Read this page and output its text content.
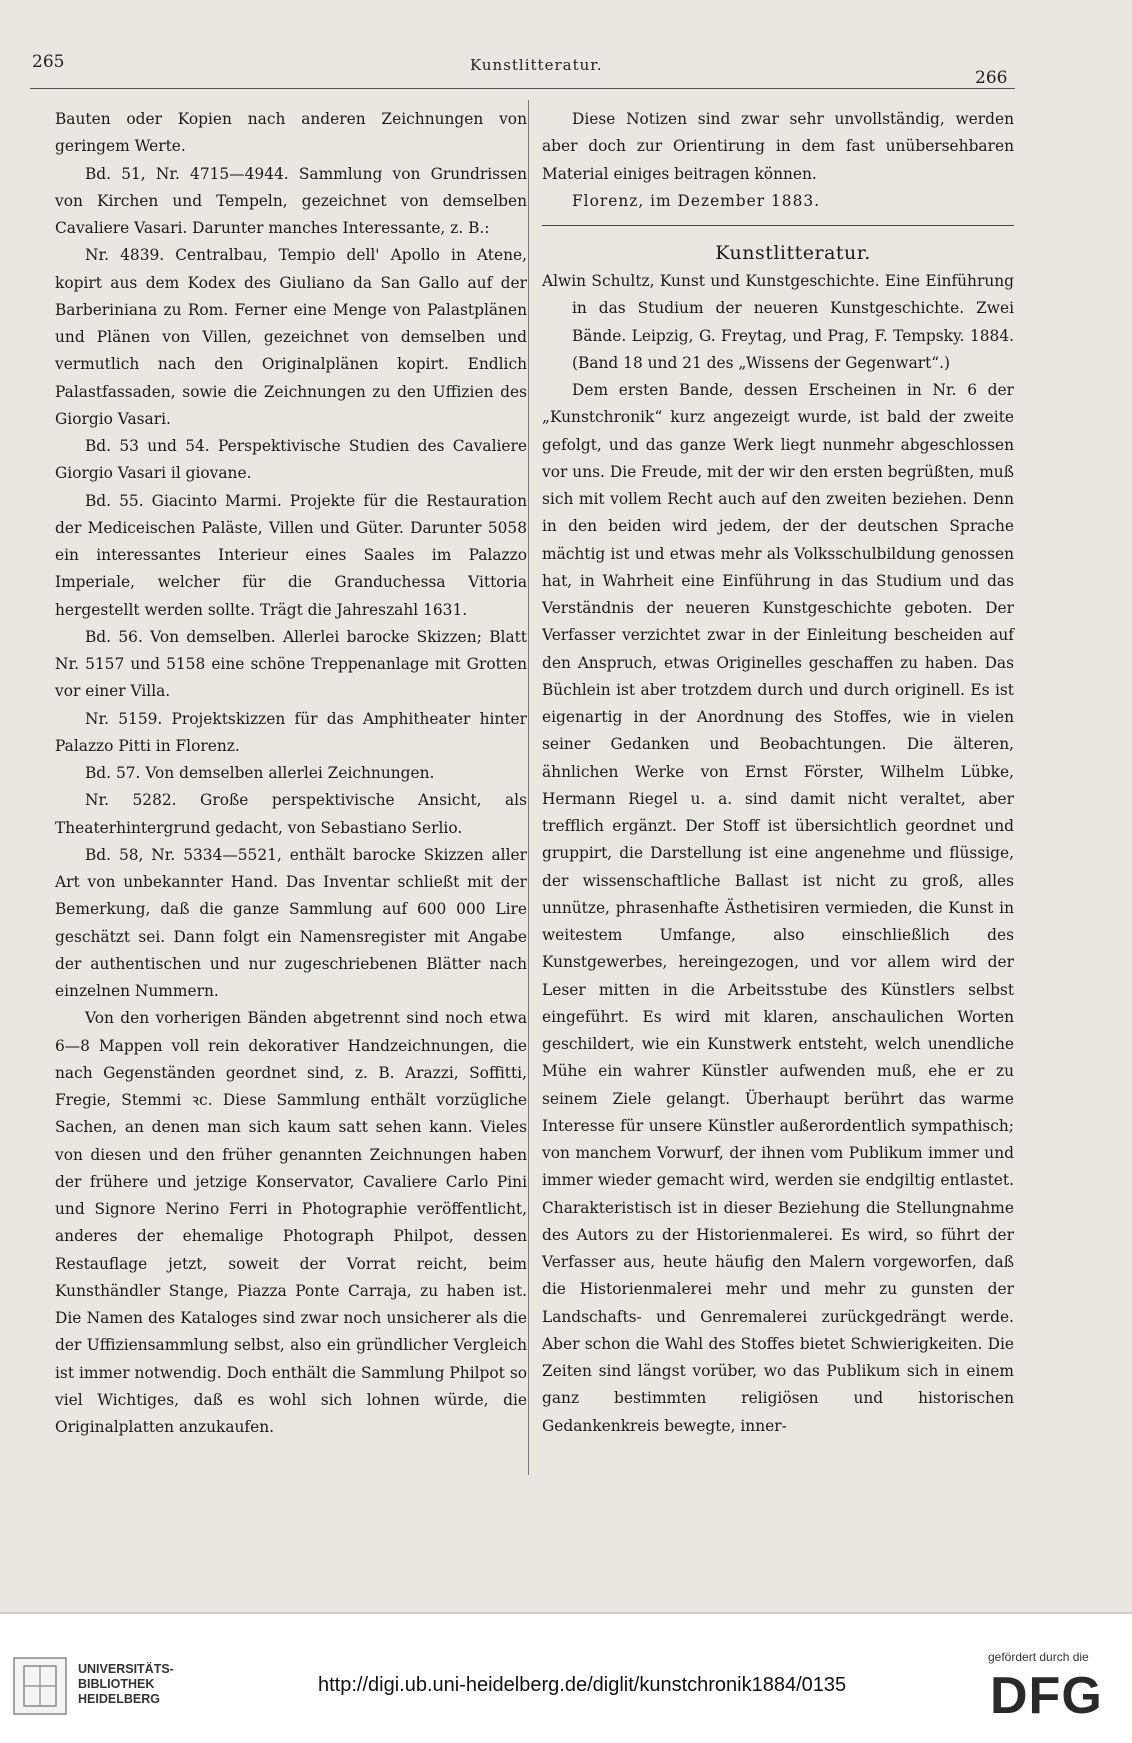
265	Kunstlitteratur.
266

Bauten oder Kopien nach anderen Zeichnungen von geringem Werte.

Bd. 51, Nr. 4715—4944. Sammlung von Grundrissen von Kirchen und Tempeln, gezeichnet von demselben Cavaliere Vasari. Darunter manches Interessante, z. B.:

Nr. 4839. Centralbau, Tempio dell' Apollo in Atene, kopirt aus dem Kodex des Giuliano da San Gallo auf der Barberiniana zu Rom. Ferner eine Menge von Palastplänen und Plänen von Villen, gezeichnet von demselben und vermutlich nach den Originalplänen kopirt. Endlich Palastfassaden, sowie die Zeichnungen zu den Uffizien des Giorgio Vasari.

Bd. 53 und 54. Perspektivische Studien des Cavaliere Giorgio Vasari il giovane.

Bd. 55. Giacinto Marmi. Projekte für die Restauration der Mediceischen Paläste, Villen und Güter. Darunter 5058 ein interessantes Interieur eines Saales im Palazzo Imperiale, welcher für die Granduchessa Vittoria hergestellt werden sollte. Trägt die Jahreszahl 1631.

Bd. 56. Von demselben. Allerlei barocke Skizzen; Blatt Nr. 5157 und 5158 eine schöne Treppenanlage mit Grotten vor einer Villa.

Nr. 5159. Projektskizzen für das Amphitheater hinter Palazzo Pitti in Florenz.

Bd. 57. Von demselben allerlei Zeichnungen.

Nr. 5282. Große perspektivische Ansicht, als Theaterhintergrund gedacht, von Sebastiano Serlio.

Bd. 58, Nr. 5334—5521, enthält barocke Skizzen aller Art von unbekannter Hand. Das Inventar schließt mit der Bemerkung, daß die ganze Sammlung auf 600 000 Lire geschätzt sei. Dann folgt ein Namensregister mit Angabe der authentischen und nur zugeschriebenen Blätter nach einzelnen Nummern.

Von den vorherigen Bänden abgetrennt sind noch etwa 6—8 Mappen voll rein dekorativer Handzeichnungen, die nach Gegenständen geordnet sind, z. B. Arazzi, Soffitti, Fregie, Stemmi ꝛc. Diese Sammlung enthält vorzügliche Sachen, an denen man sich kaum satt sehen kann. Vieles von diesen und den früher genannten Zeichnungen haben der frühere und jetzige Konservator, Cavaliere Carlo Pini und Signore Nerino Ferri in Photographie veröffentlicht, anderes der ehemalige Photograph Philpot, dessen Restauflage jetzt, soweit der Vorrat reicht, beim Kunsthändler Stange, Piazza Ponte Carraja, zu haben ist. Die Namen des Kataloges sind zwar noch unsicherer als die der Uffiziensammlung selbst, also ein gründlicher Vergleich ist immer notwendig. Doch enthält die Sammlung Philpot so viel Wichtiges, daß es wohl sich lohnen würde, die Originalplatten anzukaufen.

Diese Notizen sind zwar sehr unvollständig, werden aber doch zur Orientirung in dem fast unübersehbaren Material einiges beitragen können.

Florenz, im Dezember 1883.

Kunstlitteratur.

Alwin Schultz, Kunst und Kunstgeschichte. Eine Einführung in das Studium der neueren Kunstgeschichte. Zwei Bände. Leipzig, G. Freytag, und Prag, F. Tempsky. 1884. (Band 18 und 21 des „Wissens der Gegenwart“.)

Dem ersten Bande, dessen Erscheinen in Nr. 6 der „Kunstchronik“ kurz angezeigt wurde, ist bald der zweite gefolgt, und das ganze Werk liegt nunmehr abgeschlossen vor uns. Die Freude, mit der wir den ersten begrüßten, muß sich mit vollem Recht auch auf den zweiten beziehen. Denn in den beiden wird jedem, der der deutschen Sprache mächtig ist und etwas mehr als Volksschulbildung genossen hat, in Wahrheit eine Einführung in das Studium und das Verständnis der neueren Kunstgeschichte geboten. Der Verfasser verzichtet zwar in der Einleitung bescheiden auf den Anspruch, etwas Originelles geschaffen zu haben. Das Büchlein ist aber trotzdem durch und durch originell. Es ist eigenartig in der Anordnung des Stoffes, wie in vielen seiner Gedanken und Beobachtungen. Die älteren, ähnlichen Werke von Ernst Förster, Wilhelm Lübke, Hermann Riegel u. a. sind damit nicht veraltet, aber trefflich ergänzt. Der Stoff ist übersichtlich geordnet und gruppirt, die Darstellung ist eine angenehme und flüssige, der wissenschaftliche Ballast ist nicht zu groß, alles unnütze, phrasenhafte Ästhetisiren vermieden, die Kunst in weitestem Umfange, also einschließlich des Kunstgewerbes, hereingezogen, und vor allem wird der Leser mitten in die Arbeitsstube des Künstlers selbst eingeführt. Es wird mit klaren, anschaulichen Worten geschildert, wie ein Kunstwerk entsteht, welch unendliche Mühe ein wahrer Künstler aufwenden muß, ehe er zu seinem Ziele gelangt. Überhaupt berührt das warme Interesse für unsere Künstler außerordentlich sympathisch; von manchem Vorwurf, der ihnen vom Publikum immer und immer wieder gemacht wird, werden sie endgiltig entlastet. Charakteristisch ist in dieser Beziehung die Stellungnahme des Autors zu der Historienmalerei. Es wird, so führt der Verfasser aus, heute häufig den Malern vorgeworfen, daß die Historienmalerei mehr und mehr zu gunsten der Landschafts- und Genremalerei zurückgedrängt werde. Aber schon die Wahl des Stoffes bietet Schwierigkeiten. Die Zeiten sind längst vorüber, wo das Publikum sich in einem ganz bestimmten religiösen und historischen Gedankenkreis bewegte, inner-

UNIVERSITÄTS-
BIBLIOTHEK
HEIDELBERG
http://digi.ub.uni-heidelberg.de/diglit/kunstchronik1884/0135
gefördert durch die
DFG
